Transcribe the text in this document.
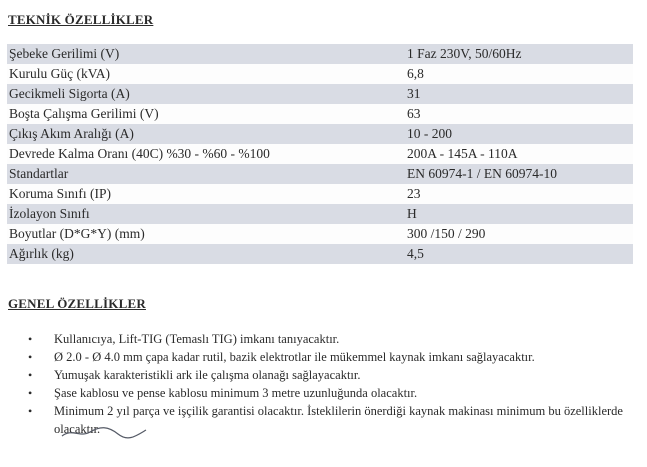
TEKNİK ÖZELLİKLER
Şebeke Gerilimi (V)	1 Faz 230V, 50/60Hz
Kurulu Güç (kVA)	6,8
Gecikmeli Sigorta (A)	31
Boşta Çalışma Gerilimi (V)	63
Çıkış Akım Aralığı (A)	10 - 200
Devrede Kalma Oranı (40C) %30 - %60 - %100	200A - 145A - 110A
Standartlar	EN 60974-1 / EN 60974-10
Koruma Sınıfı (IP)	23
İzolayon Sınıfı	H
Boyutlar (D*G*Y) (mm)	300 /150 / 290
Ağırlık (kg)	4,5
GENEL ÖZELLİKLER
• Kullanıcıya, Lift-TIG (Temaslı TIG) imkanı tanıyacaktır.
• Ø 2.0 - Ø 4.0 mm çapa kadar rutil, bazik elektrotlar ile mükemmel kaynak imkanı sağlayacaktır.
• Yumuşak karakteristikli ark ile çalışma olanağı sağlayacaktır.
• Şase kablosu ve pense kablosu minimum 3 metre uzunluğunda olacaktır.
• Minimum 2 yıl parça ve işçilik garantisi olacaktır. İsteklilerin önerdiği kaynak makinası minimum bu özelliklerde olacaktır.
